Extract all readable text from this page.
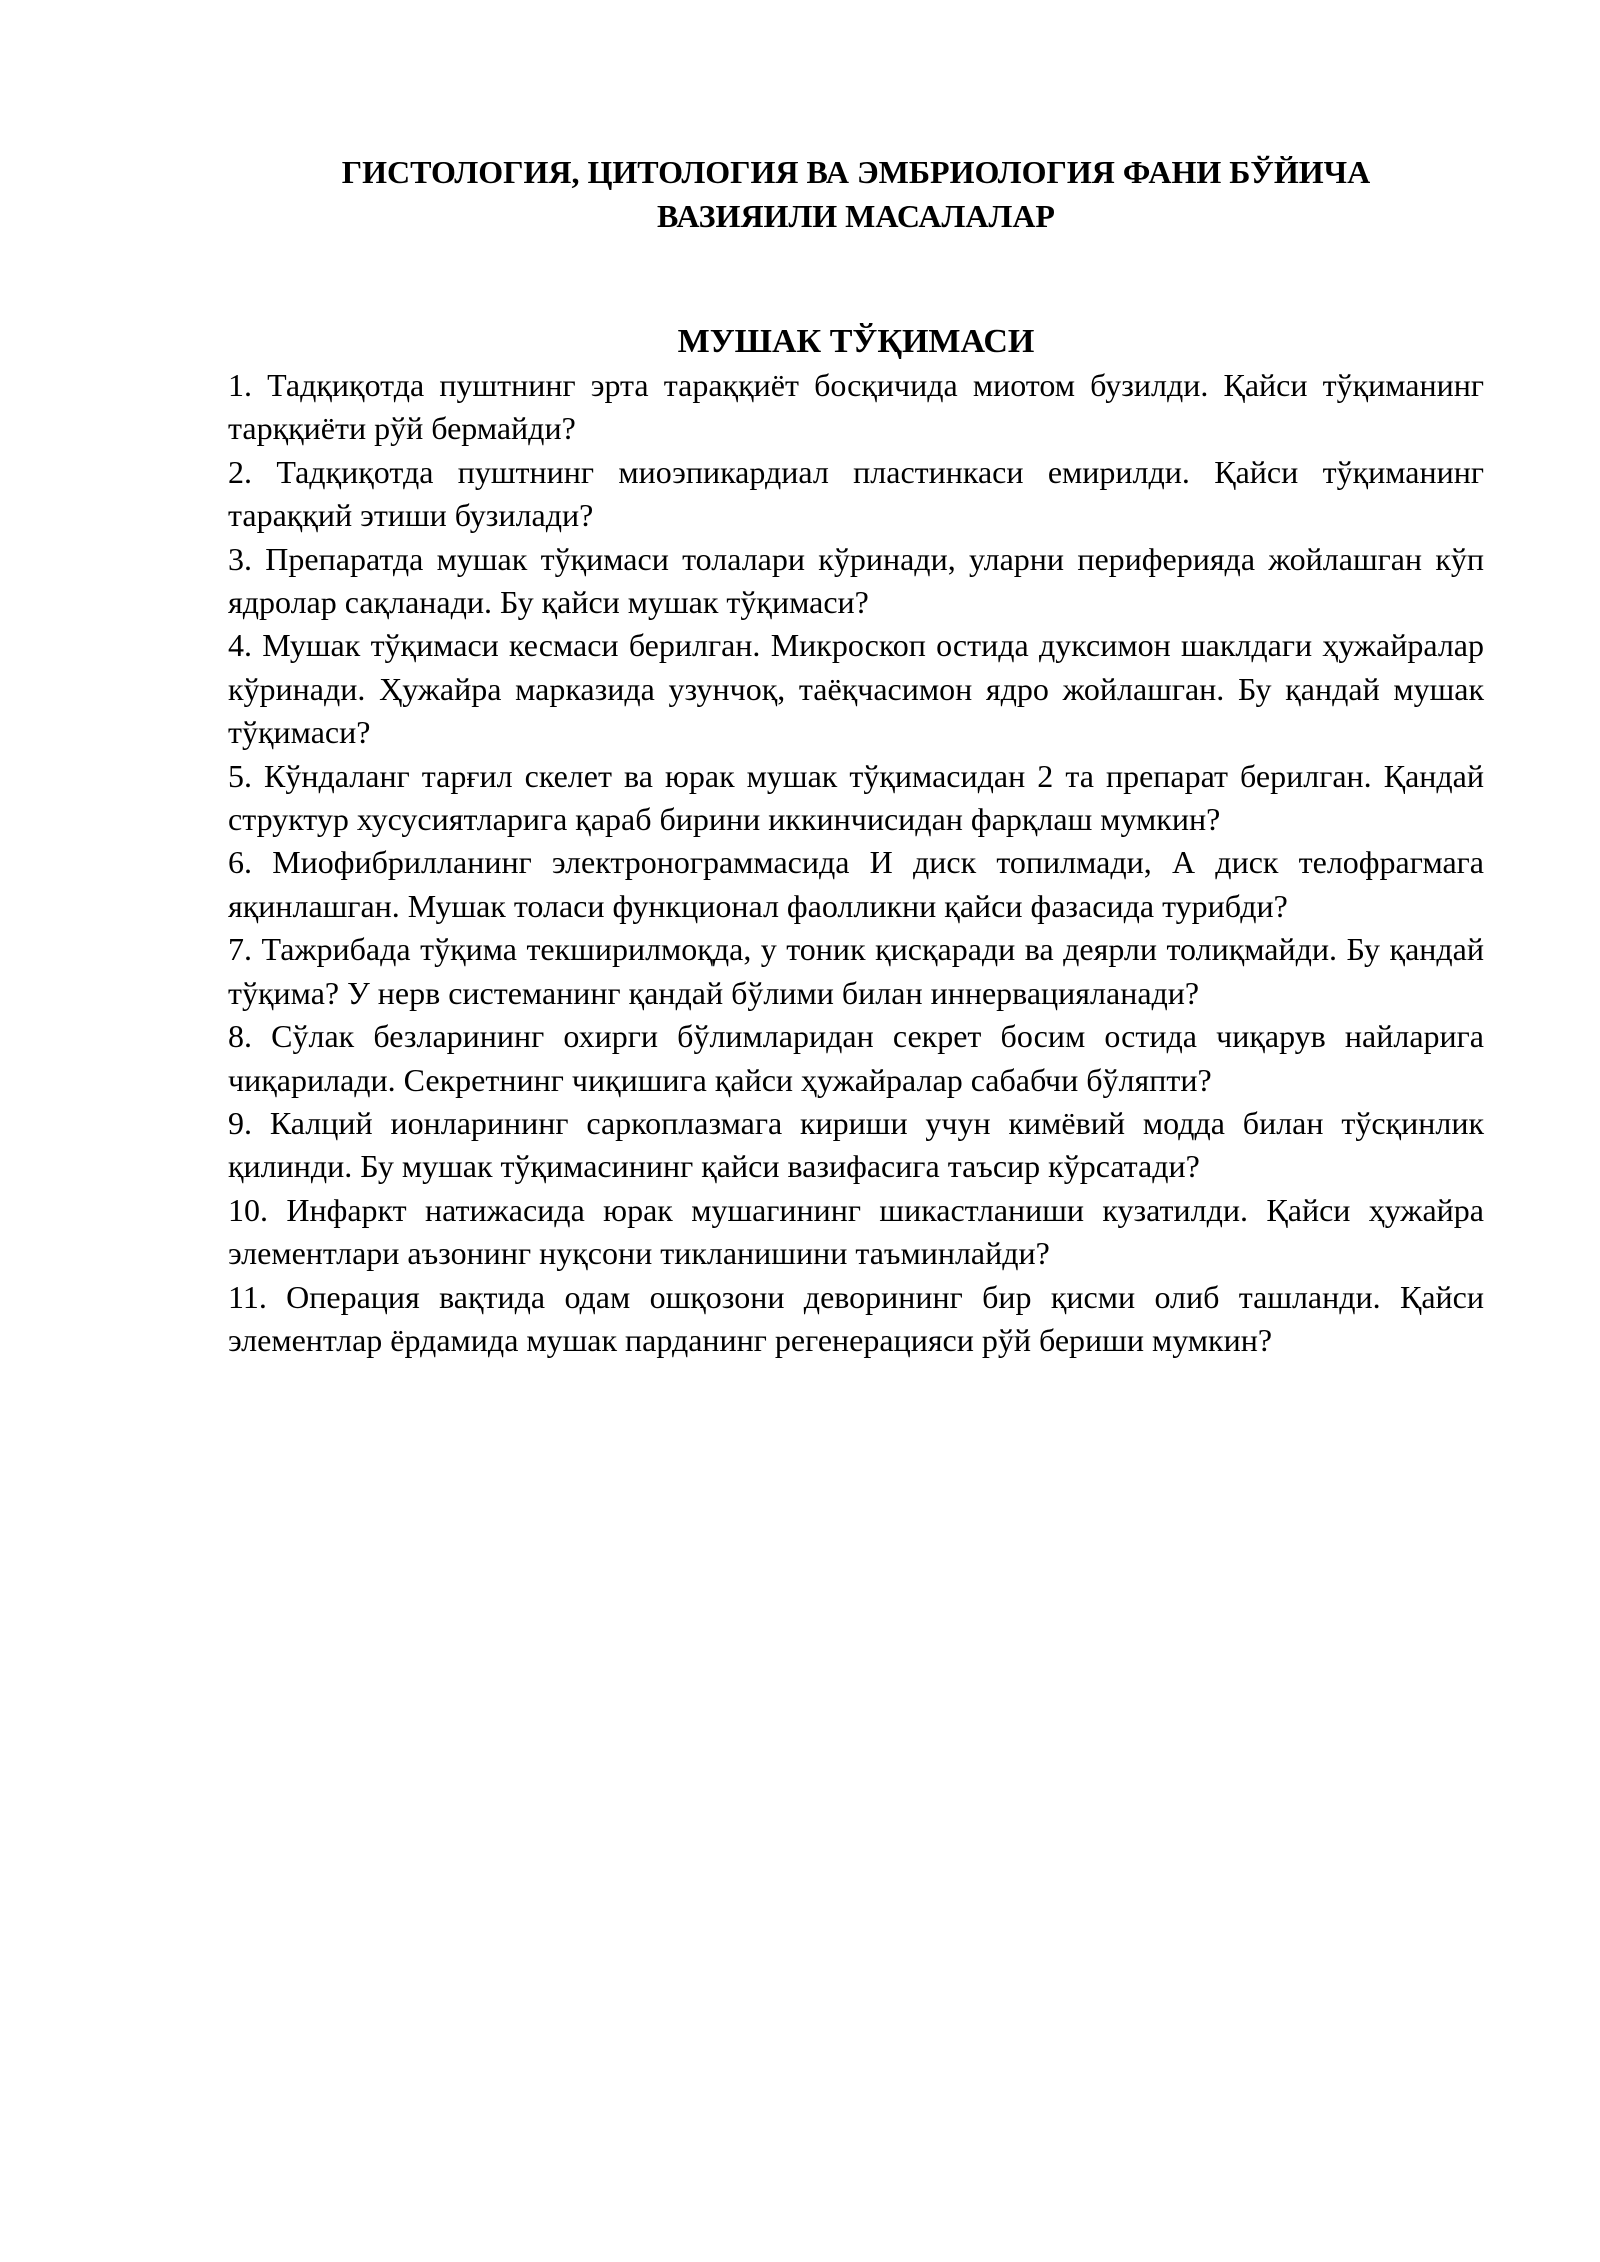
ГИСТОЛОГИЯ, ЦИТОЛОГИЯ ВА ЭМБРИОЛОГИЯ ФАНИ БЎЙИЧА
ВАЗИЯИЛИ МАСАЛАЛАР
МУШАК ТЎҚИМАСИ
1. Тадқиқотда пуштнинг эрта тараққиёт босқичида миотом бузилди. Қайси тўқиманинг тарққиёти рўй бермайди?
2. Тадқиқотда пуштнинг миоэпикардиал пластинкаси емирилди. Қайси тўқиманинг тараққий этиши бузилади?
3. Препаратда мушак тўқимаси толалари кўринади, уларни перифериядa жойлашган кўп ядролар сақланади. Бу қайси мушак тўқимаси?
4. Мушак тўқимаси кесмаси берилган. Микроскоп остида дуксимон шаклдаги ҳужайралар кўринади. Ҳужайра марказида узунчоқ, таёқчасимон ядро жойлашган. Бу қандай мушак тўқимаси?
5. Кўндаланг тарғил скелет ва юрак мушак тўқимасидан 2 та препарат берилган. Қандай структур хусусиятларига қараб бирини иккинчисидан фарқлаш мумкин?
6. Миофибрилланинг электронограммасида И диск топилмади, А диск телофрагмага яқинлашган. Мушак толаси функционал фаолликни қайси фазасида турибди?
7. Тажрибада тўқима текширилмоқда, у тоник қисқаради ва деярли толиқмайди. Бу қандай тўқима? У нерв системанинг қандай бўлими билан иннервацияланади?
8. Сўлак безларининг охирги бўлимларидан секрет босим остида чиқарув найларига чиқарилади. Секретнинг чиқишига қайси ҳужайралар сабабчи бўляпти?
9. Калций ионларининг саркоплазмага кириши учун кимёвий модда билан тўсқинлик қилинди. Бу мушак тўқимасининг қайси вазифасига таъсир кўрсатади?
10. Инфаркт натижасида юрак мушагининг шикастланиши кузатилди. Қайси ҳужайра элементлари аъзонинг нуқсони тикланишини таъминлайди?
11. Операция вақтида одам ошқозони деворининг бир қисми олиб ташланди. Қайси элементлар ёрдамида мушак парданинг регенерацияси рўй бериши мумкин?
